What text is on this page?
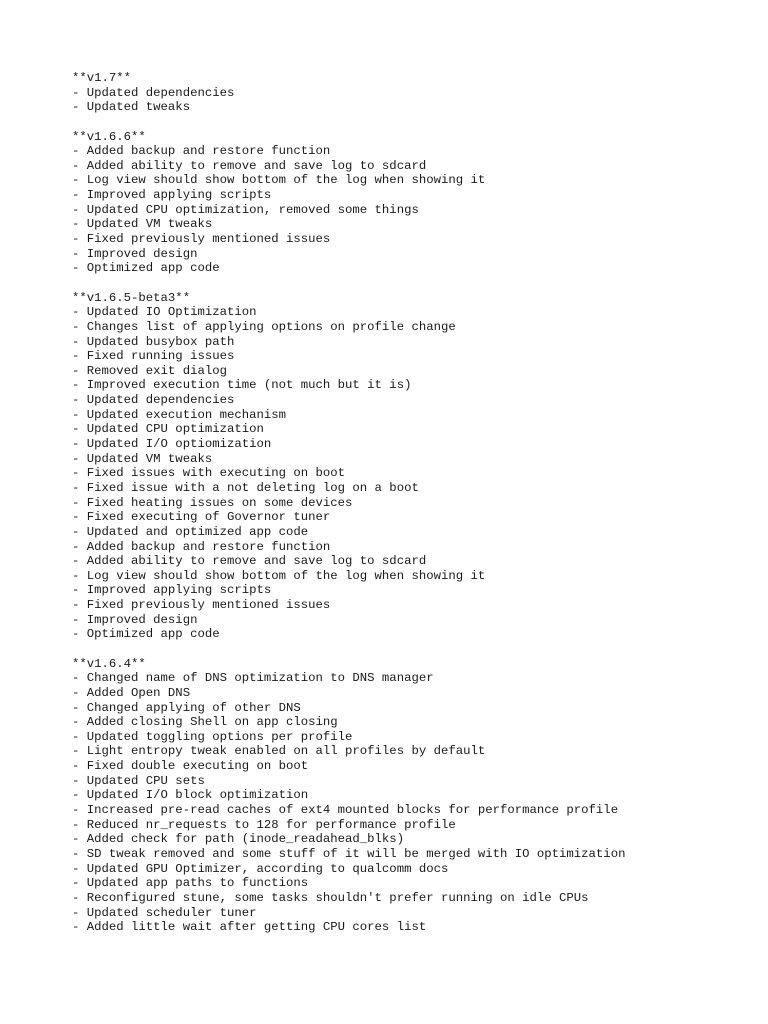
**v1.7**
- Updated dependencies
- Updated tweaks
**v1.6.6**
- Added backup and restore function
- Added ability to remove and save log to sdcard
- Log view should show bottom of the log when showing it
- Improved applying scripts
- Updated CPU optimization, removed some things
- Updated VM tweaks
- Fixed previously mentioned issues
- Improved design
- Optimized app code
**v1.6.5-beta3**
- Updated IO Optimization
- Changes list of applying options on profile change
- Updated busybox path
- Fixed running issues
- Removed exit dialog
- Improved execution time (not much but it is)
- Updated dependencies
- Updated execution mechanism
- Updated CPU optimization
- Updated I/O optiomization
- Updated VM tweaks
- Fixed issues with executing on boot
- Fixed issue with a not deleting log on a boot
- Fixed heating issues on some devices
- Fixed executing of Governor tuner
- Updated and optimized app code
- Added backup and restore function
- Added ability to remove and save log to sdcard
- Log view should show bottom of the log when showing it
- Improved applying scripts
- Fixed previously mentioned issues
- Improved design
- Optimized app code
**v1.6.4**
- Changed name of DNS optimization to DNS manager
- Added Open DNS
- Changed applying of other DNS
- Added closing Shell on app closing
- Updated toggling options per profile
- Light entropy tweak enabled on all profiles by default
- Fixed double executing on boot
- Updated CPU sets
- Updated I/O block optimization
- Increased pre-read caches of ext4 mounted blocks for performance profile
- Reduced nr_requests to 128 for performance profile
- Added check for path (inode_readahead_blks)
- SD tweak removed and some stuff of it will be merged with IO optimization
- Updated GPU Optimizer, according to qualcomm docs
- Updated app paths to functions
- Reconfigured stune, some tasks shouldn't prefer running on idle CPUs
- Updated scheduler tuner
- Added little wait after getting CPU cores list
